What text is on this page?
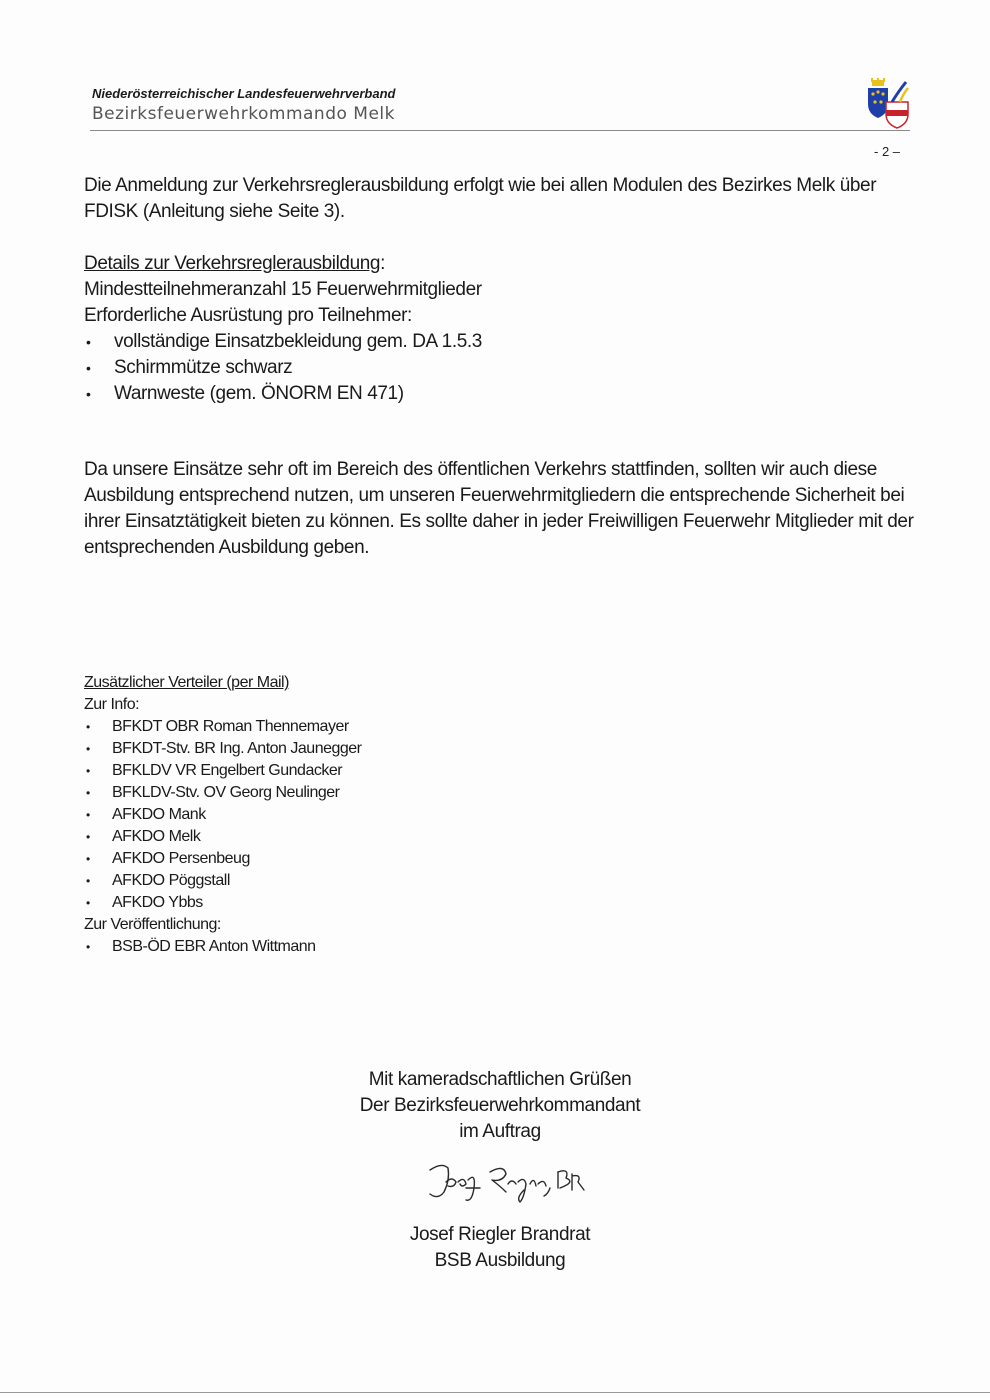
Niederösterreichischer Landesfeuerwehrverband
Bezirksfeuerwehrkommando Melk
- 2 –
Die Anmeldung zur Verkehrsreglerausbildung erfolgt wie bei allen Modulen des Bezirkes Melk über FDISK (Anleitung siehe Seite 3).
Details zur Verkehrsreglerausbildung:
Mindestteilnehmeranzahl 15 Feuerwehrmitglieder
Erforderliche Ausrüstung pro Teilnehmer:
• vollständige Einsatzbekleidung gem. DA 1.5.3
• Schirmmütze schwarz
• Warnweste (gem. ÖNORM EN 471)
Da unsere Einsätze sehr oft im Bereich des öffentlichen Verkehrs stattfinden, sollten wir auch diese Ausbildung entsprechend nutzen, um unseren Feuerwehrmitgliedern die entsprechende Sicherheit bei ihrer Einsatztätigkeit bieten zu können. Es sollte daher in jeder Freiwilligen Feuerwehr Mitglieder mit der entsprechenden Ausbildung geben.
Zusätzlicher Verteiler (per Mail)
Zur Info:
• BFKDT OBR Roman Thennemayer
• BFKDT-Stv. BR Ing. Anton Jaunegger
• BFKLDV VR Engelbert Gundacker
• BFKLDV-Stv. OV Georg Neulinger
• AFKDO Mank
• AFKDO Melk
• AFKDO Persenbeug
• AFKDO Pöggstall
• AFKDO Ybbs
Zur Veröffentlichung:
• BSB-ÖD EBR Anton Wittmann
Mit kameradschaftlichen Grüßen
Der Bezirksfeuerwehrkommandant
im Auftrag
Josef Riegler Brandrat
BSB Ausbildung
